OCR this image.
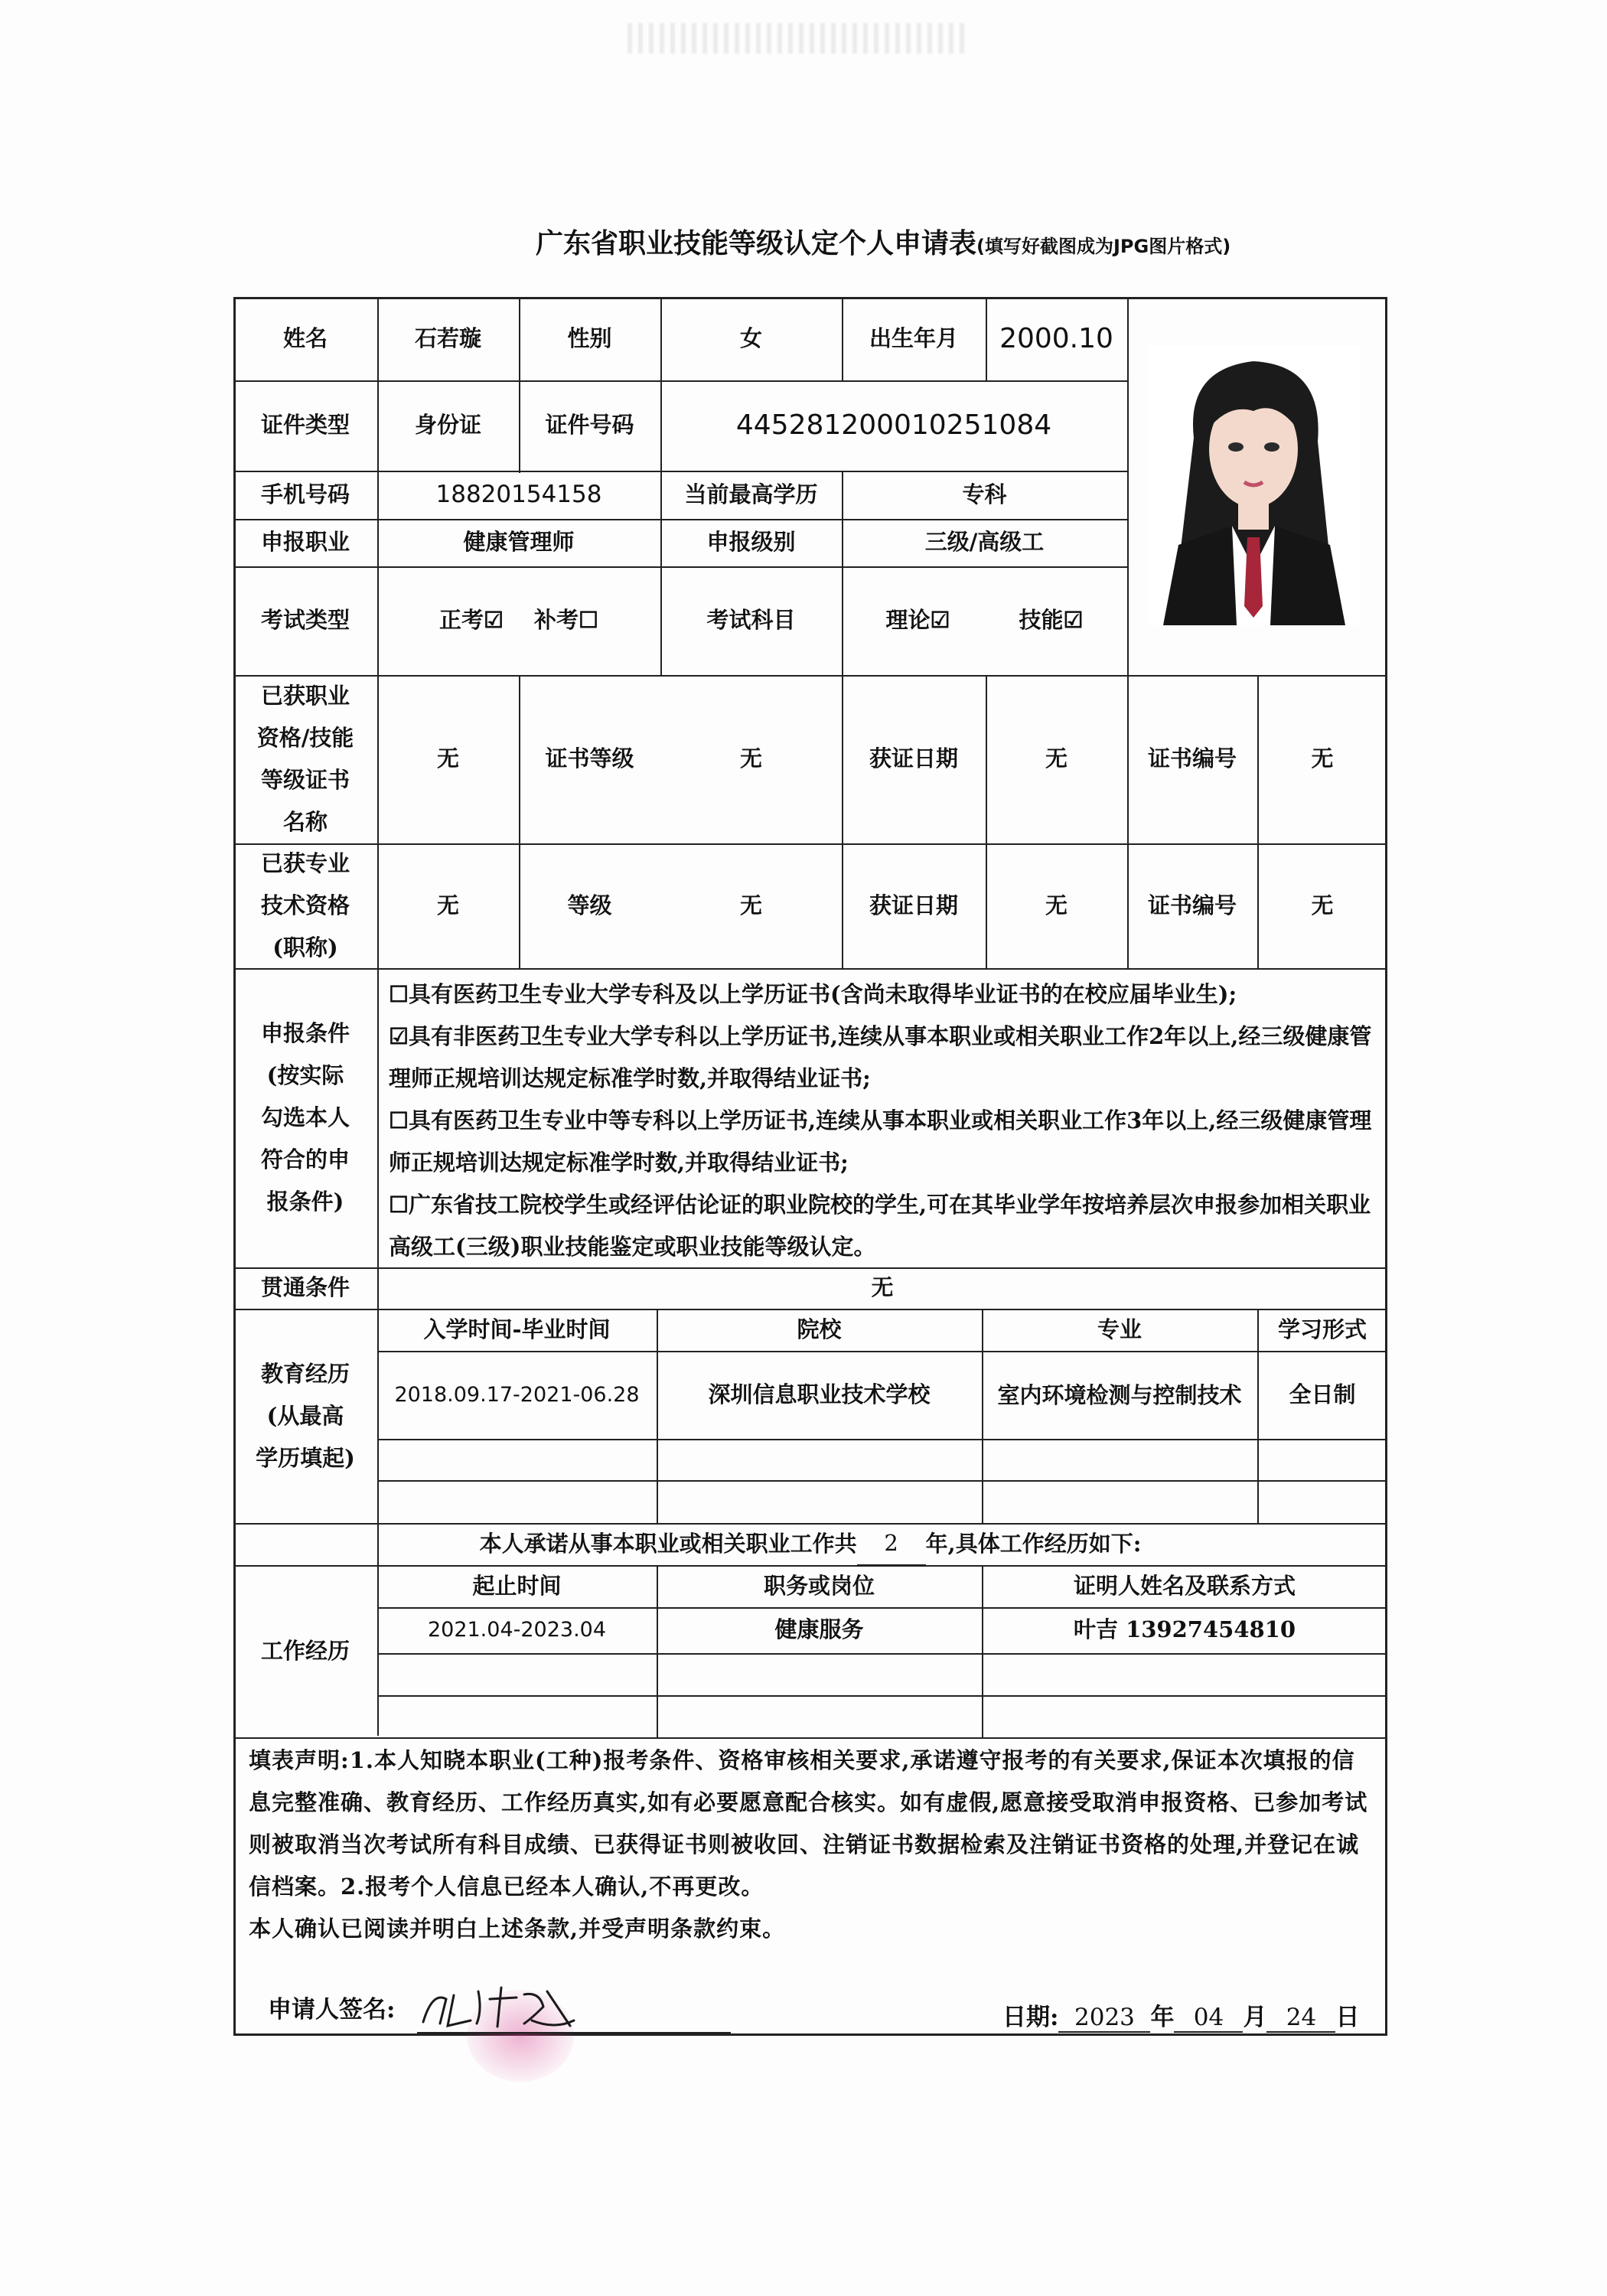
广东省职业技能等级认定个人申请表(填写好截图成为JPG图片格式)
姓名	石若璇	性别	女	出生年月	2000.10
证件类型	身份证	证件号码	445281200010251084
手机号码	18820154158	当前最高学历	专科
申报职业	健康管理师	申报级别	三级/高级工
考试类型	正考☑ 补考☐	考试科目	理论☑	技能☑
已获职业
资格/技能
等级证书
名称
无	证书等级	无	获证日期	无	证书编号	无
已获专业
技术资格
(职称)
无	等级	无	获证日期	无	证书编号	无
申报条件
(按实际
勾选本人
符合的申
报条件)
☐具有医药卫生专业大学专科及以上学历证书(含尚未取得毕业证书的在校应届毕业生);
☑具有非医药卫生专业大学专科以上学历证书,连续从事本职业或相关职业工作2年以上,经三级健康管理师正规培训达规定标准学时数,并取得结业证书;
☐具有医药卫生专业中等专科以上学历证书,连续从事本职业或相关职业工作3年以上,经三级健康管理师正规培训达规定标准学时数,并取得结业证书;
☐广东省技工院校学生或经评估论证的职业院校的学生,可在其毕业学年按培养层次申报参加相关职业高级工(三级)职业技能鉴定或职业技能等级认定。
贯通条件	无
教育经历
(从最高
学历填起)
入学时间-毕业时间	院校	专业	学习形式
2018.09.17-2021-06.28	深圳信息职业技术学校	室内环境检测与控制技术	全日制
本人承诺从事本职业或相关职业工作共	2	年,具体工作经历如下:
工作经历
起止时间	职务或岗位	证明人姓名及联系方式
2021.04-2023.04	健康服务	叶吉 13927454810
填表声明:1.本人知晓本职业(工种)报考条件、资格审核相关要求,承诺遵守报考的有关要求,保证本次填报的信息完整准确、教育经历、工作经历真实,如有必要愿意配合核实。如有虚假,愿意接受取消申报资格、已参加考试则被取消当次考试所有科目成绩、已获得证书则被收回、注销证书数据检索及注销证书资格的处理,并登记在诚信档案。2.报考个人信息已经本人确认,不再更改。
本人确认已阅读并明白上述条款,并受声明条款约束。
申请人签名:	日期: 2023 年 04 月 24 日
